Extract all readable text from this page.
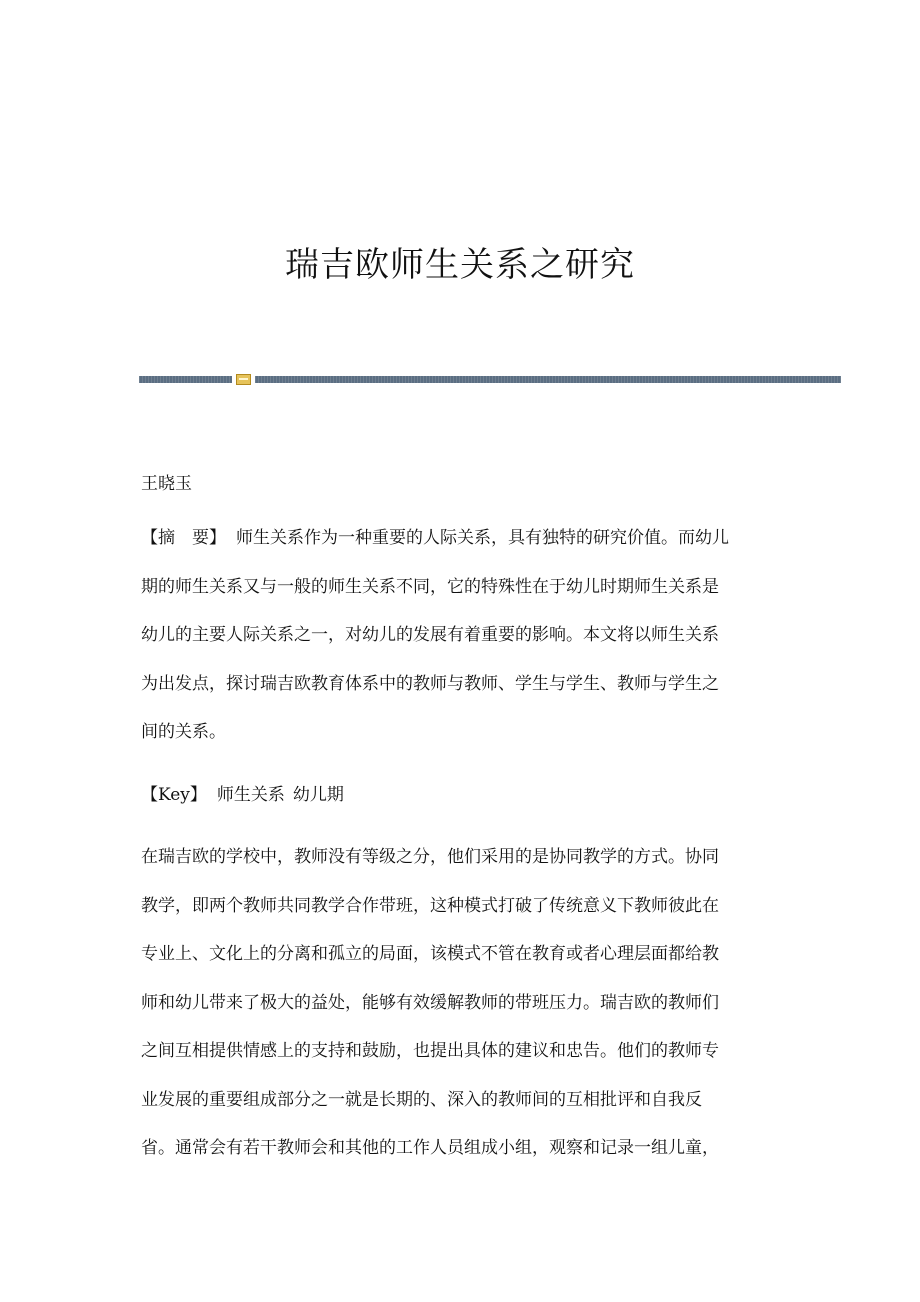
瑞吉欧师生关系之研究

王晓玉

【摘　要】 师生关系作为一种重要的人际关系，具有独特的研究价值。而幼儿
期的师生关系又与一般的师生关系不同，它的特殊性在于幼儿时期师生关系是
幼儿的主要人际关系之一，对幼儿的发展有着重要的影响。本文将以师生关系
为出发点，探讨瑞吉欧教育体系中的教师与教师、学生与学生、教师与学生之
间的关系。
【Key】 师生关系 幼儿期
在瑞吉欧的学校中，教师没有等级之分，他们采用的是协同教学的方式。协同
教学，即两个教师共同教学合作带班，这种模式打破了传统意义下教师彼此在
专业上、文化上的分离和孤立的局面，该模式不管在教育或者心理层面都给教
师和幼儿带来了极大的益处，能够有效缓解教师的带班压力。瑞吉欧的教师们
之间互相提供情感上的支持和鼓励，也提出具体的建议和忠告。他们的教师专
业发展的重要组成部分之一就是长期的、深入的教师间的互相批评和自我反
省。通常会有若干教师会和其他的工作人员组成小组，观察和记录一组儿童，
